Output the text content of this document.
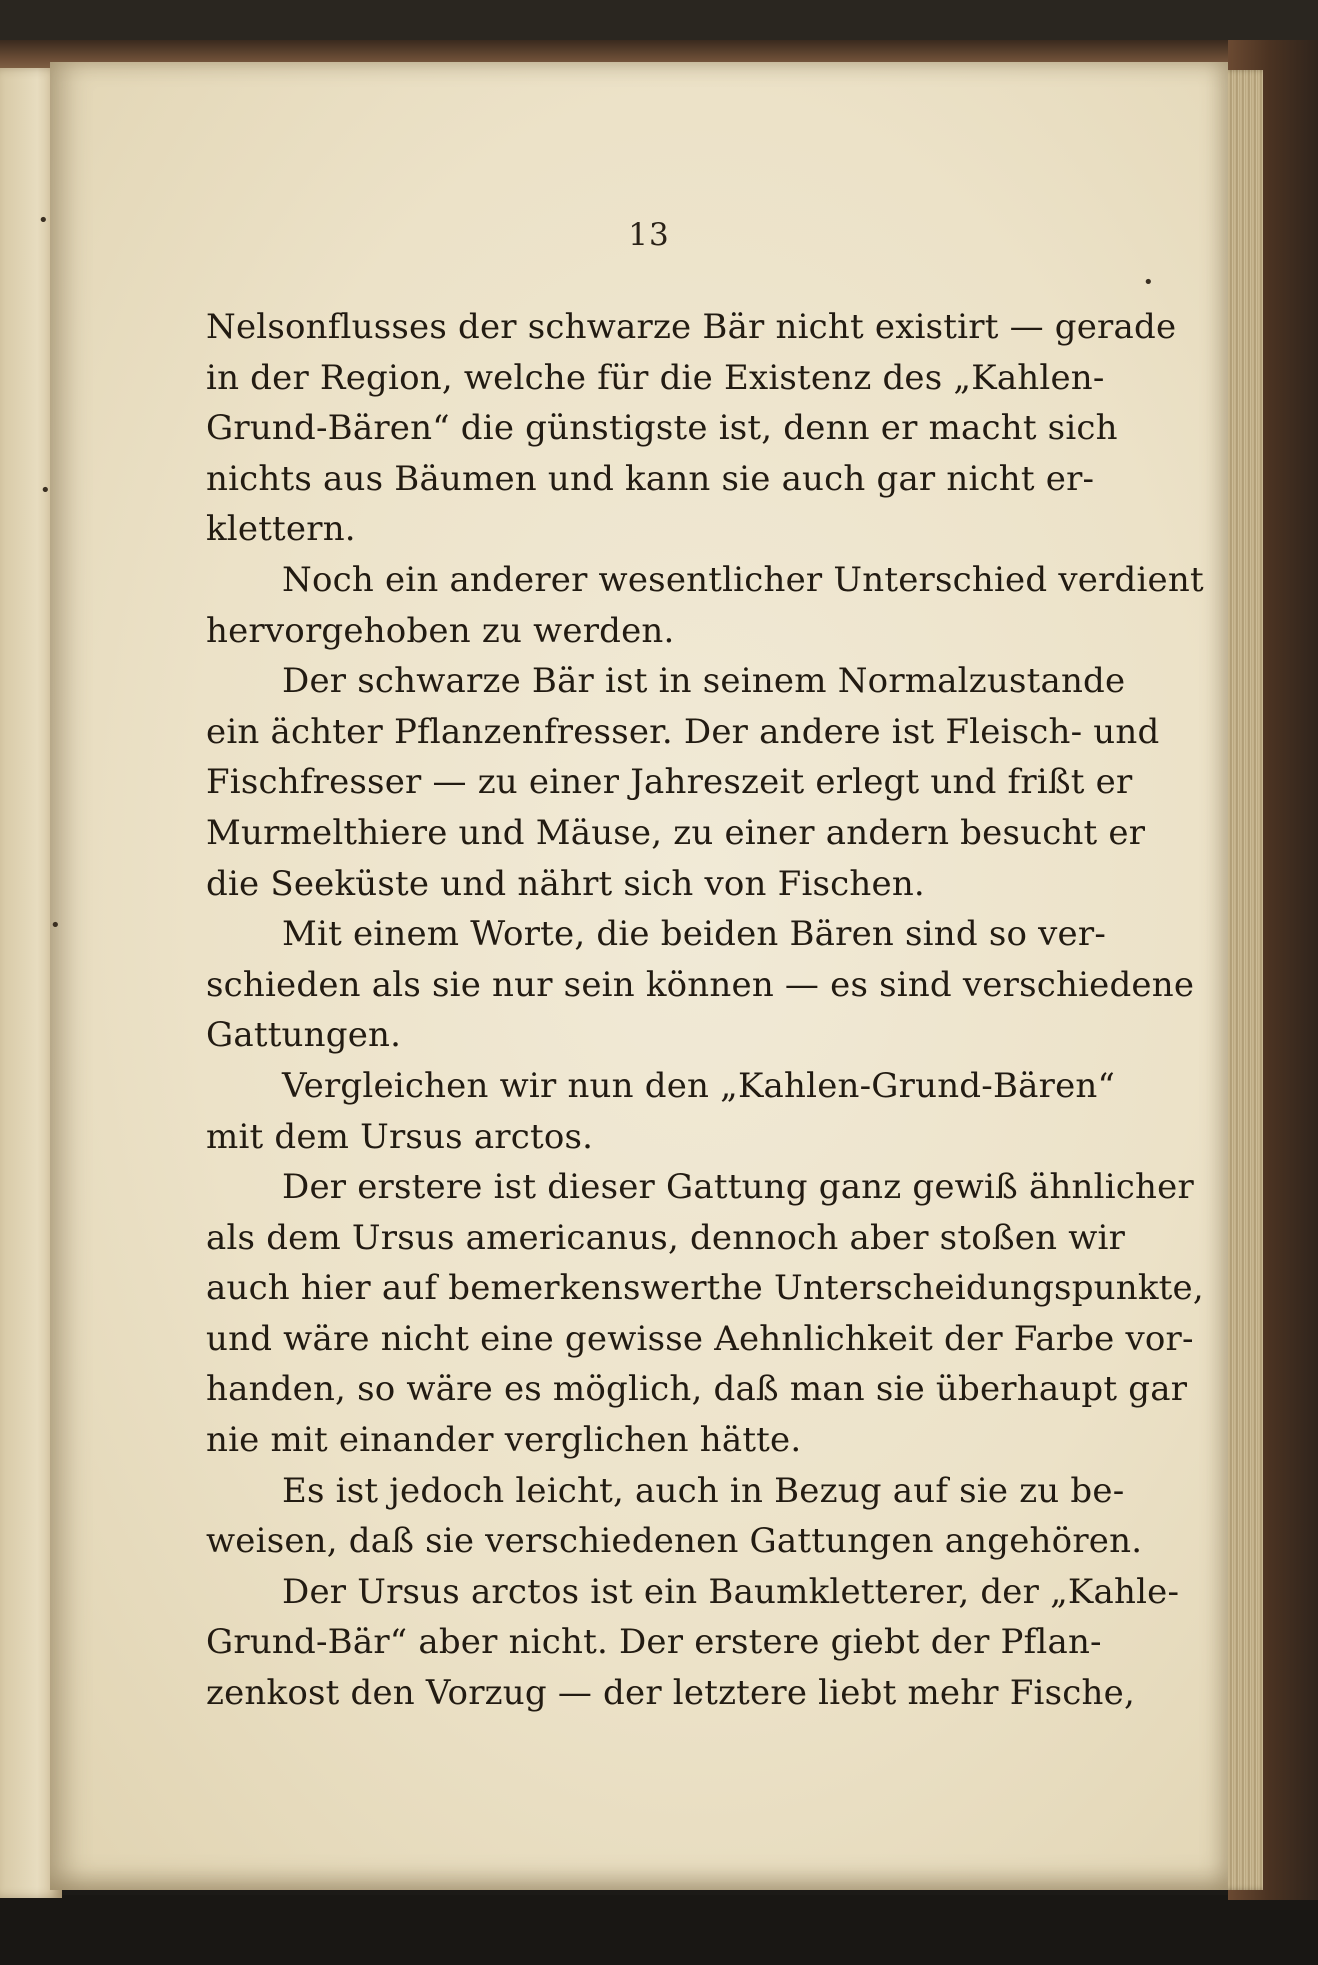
13
Nelsonflusses der schwarze Bär nicht existirt — gerade
in der Region, welche für die Existenz des „Kahlen-
Grund-Bären“ die günstigste ist, denn er macht sich
nichts aus Bäumen und kann sie auch gar nicht er-
klettern.
Noch ein anderer wesentlicher Unterschied verdient
hervorgehoben zu werden.
Der schwarze Bär ist in seinem Normalzustande
ein ächter Pflanzenfresser. Der andere ist Fleisch- und
Fischfresser — zu einer Jahreszeit erlegt und frißt er
Murmelthiere und Mäuse, zu einer andern besucht er
die Seeküste und nährt sich von Fischen.
Mit einem Worte, die beiden Bären sind so ver-
schieden als sie nur sein können — es sind verschiedene
Gattungen.
Vergleichen wir nun den „Kahlen-Grund-Bären“
mit dem Ursus arctos.
Der erstere ist dieser Gattung ganz gewiß ähnlicher
als dem Ursus americanus, dennoch aber stoßen wir
auch hier auf bemerkenswerthe Unterscheidungspunkte,
und wäre nicht eine gewisse Aehnlichkeit der Farbe vor-
handen, so wäre es möglich, daß man sie überhaupt gar
nie mit einander verglichen hätte.
Es ist jedoch leicht, auch in Bezug auf sie zu be-
weisen, daß sie verschiedenen Gattungen angehören.
Der Ursus arctos ist ein Baumkletterer, der „Kahle-
Grund-Bär“ aber nicht. Der erstere giebt der Pflan-
zenkost den Vorzug — der letztere liebt mehr Fische,
•
•
•
•
